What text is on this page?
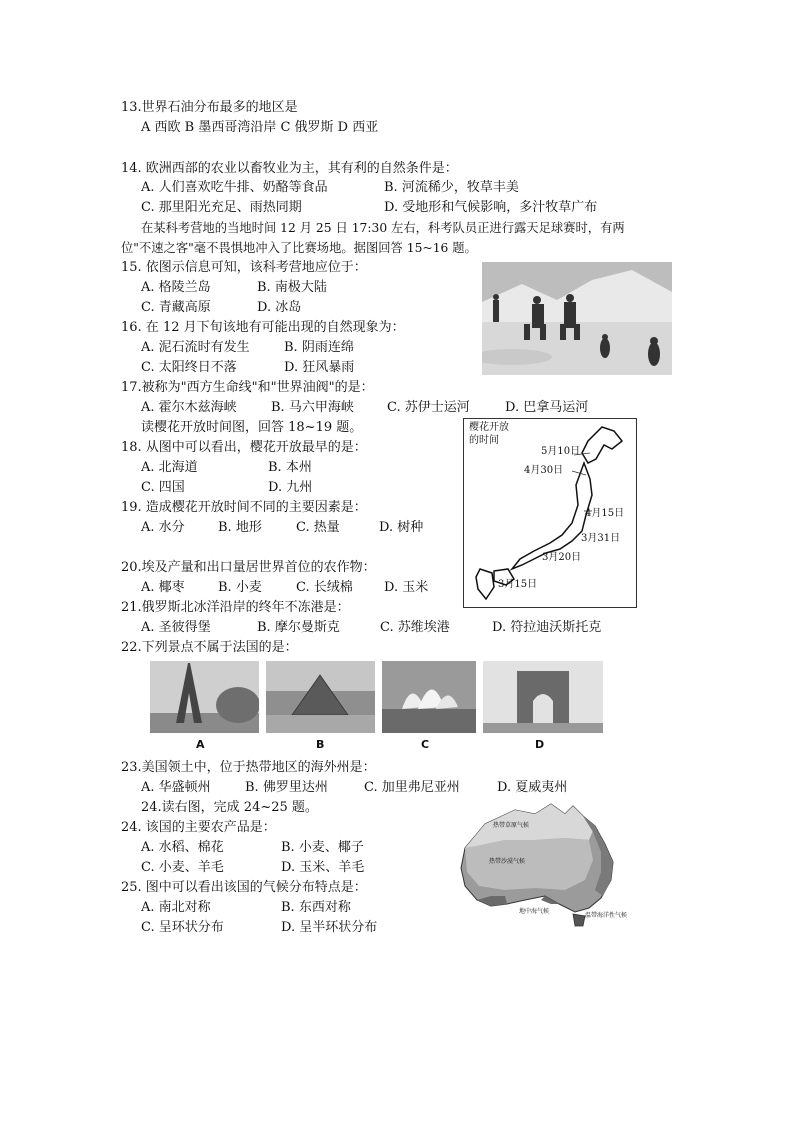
13.世界石油分布最多的地区是
A 西欧 B 墨西哥湾沿岸 C 俄罗斯 D 西亚
14. 欧洲西部的农业以畜牧业为主，其有利的自然条件是：
A. 人们喜欢吃牛排、奶酪等食品	B. 河流稀少，牧草丰美
C. 那里阳光充足、雨热同期	D. 受地形和气候影响，多汁牧草广布
在某科考营地的当地时间 12 月 25 日 17:30 左右，科考队员正进行露天足球赛时，有两
位"不速之客"毫不畏惧地冲入了比赛场地。据图回答 15~16 题。
15. 依图示信息可知，该科考营地应位于：
A. 格陵兰岛	B. 南极大陆
C. 青藏高原	D. 冰岛
16. 在 12 月下旬该地有可能出现的自然现象为：
A. 泥石流时有发生	B. 阴雨连绵
C. 太阳终日不落	D. 狂风暴雨
17.被称为"西方生命线"和"世界油阀"的是：
A. 霍尔木兹海峡	B. 马六甲海峡	C. 苏伊士运河	D. 巴拿马运河
读樱花开放时间图，回答 18~19 题。
18. 从图中可以看出，樱花开放最早的是：
A. 北海道	B. 本州
C. 四国	D. 九州
19. 造成樱花开放时间不同的主要因素是：
A. 水分	B. 地形	C. 热量	D. 树种
樱花开放
的时间
5月10日
4月30日
4月15日
3月31日
3月20日
3月15日
20.埃及产量和出口量居世界首位的农作物：
A. 椰枣	B. 小麦	C. 长绒棉 D. 玉米
21.俄罗斯北冰洋沿岸的终年不冻港是：
A. 圣彼得堡	B. 摩尔曼斯克	C. 苏维埃港	D. 符拉迪沃斯托克
22.下列景点不属于法国的是：
A	B	C	D
23.美国领土中，位于热带地区的海外州是：
A. 华盛顿州	B. 佛罗里达州	C. 加里弗尼亚州	D. 夏威夷州
24.读右图，完成 24~25 题。
24. 该国的主要农产品是：
A. 水稻、棉花	B. 小麦、椰子
C. 小麦、羊毛	D. 玉米、羊毛
25. 图中可以看出该国的气候分布特点是：
A. 南北对称	B. 东西对称
C. 呈环状分布	D. 呈半环状分布
热带草原气候
热带沙漠气候
地中海气候
温带海洋性气候
